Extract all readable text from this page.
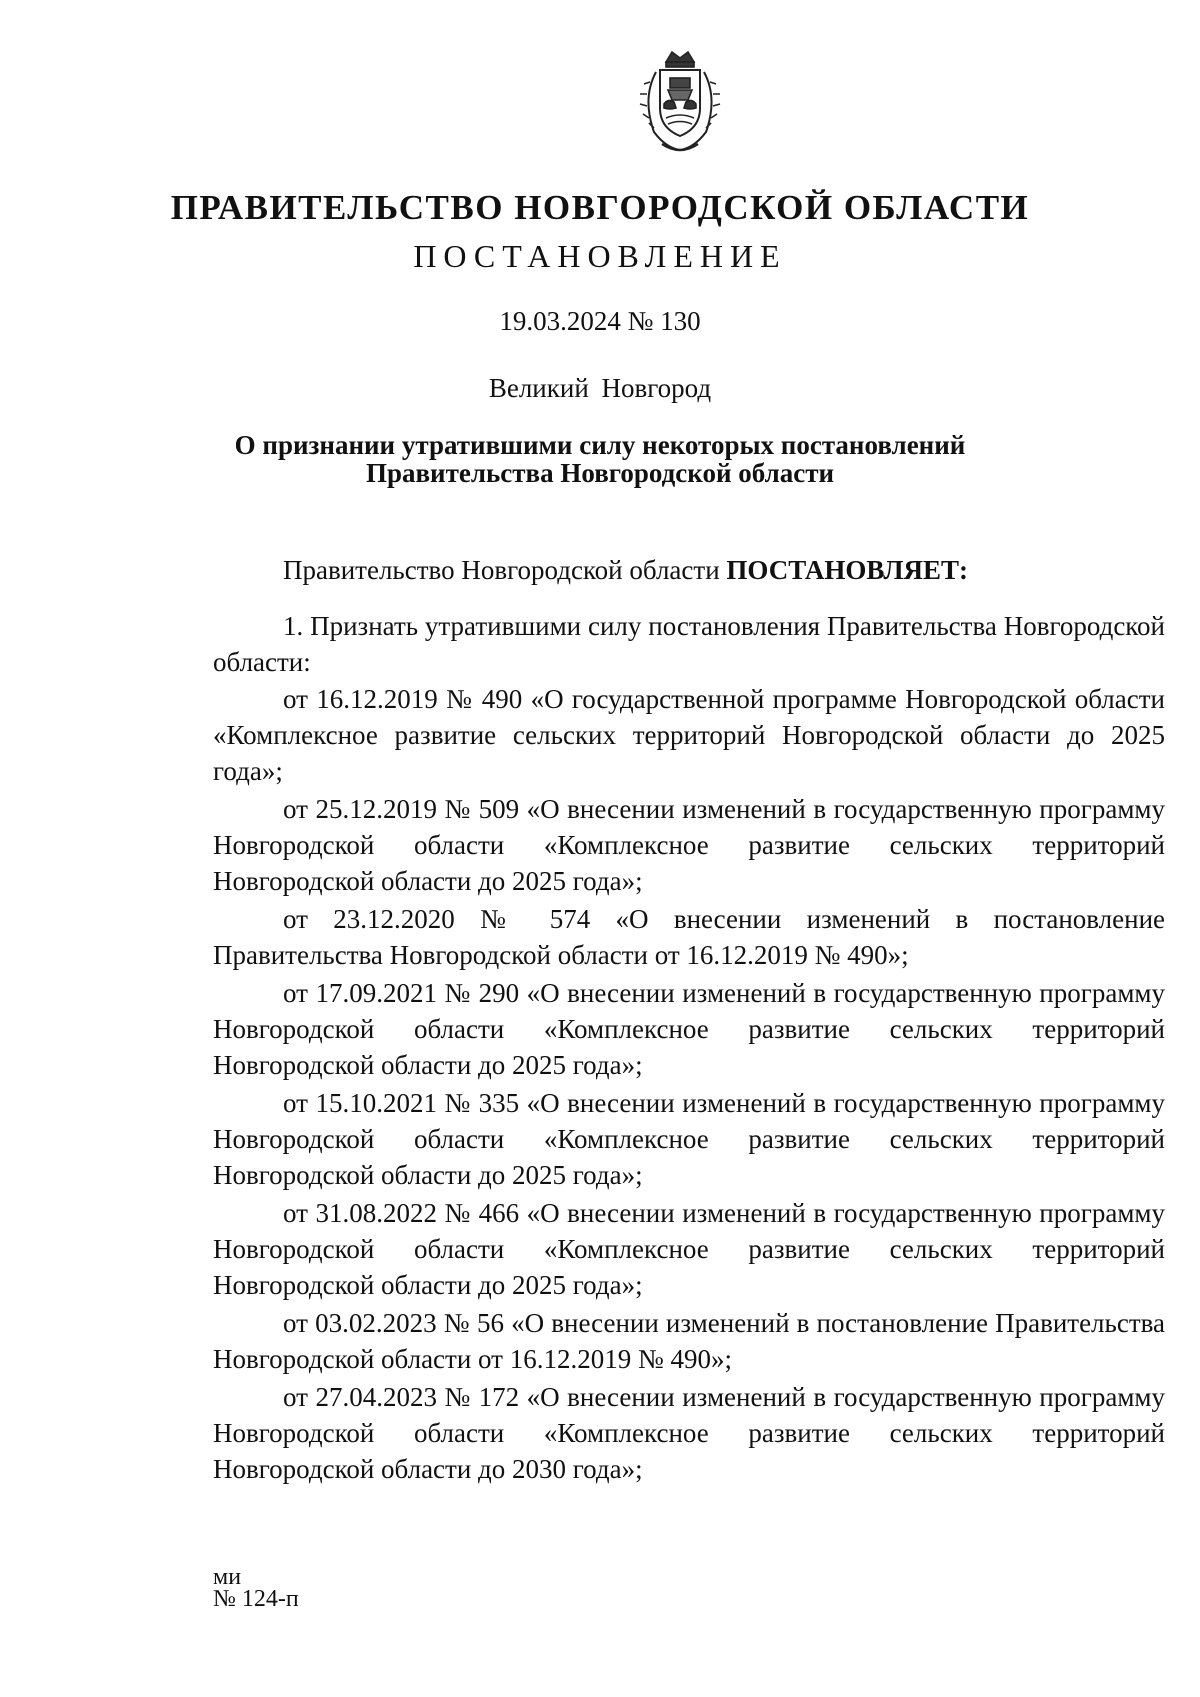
ПРАВИТЕЛЬСТВО НОВГОРОДСКОЙ ОБЛАСТИ
ПОСТАНОВЛЕНИЕ
19.03.2024 № 130
Великий Новгород
О признании утратившими силу некоторых постановлений
Правительства Новгородской области

Правительство Новгородской области ПОСТАНОВЛЯЕТ:

1. Признать утратившими силу постановления Правительства Новгородской области:

от 16.12.2019 № 490 «О государственной программе Новгородской области «Комплексное развитие сельских территорий Новгородской области до 2025 года»;

от 25.12.2019 № 509 «О внесении изменений в государственную программу Новгородской области «Комплексное развитие сельских территорий Новгородской области до 2025 года»;

от 23.12.2020 № 574 «О внесении изменений в постановление Правительства Новгородской области от 16.12.2019 № 490»;

от 17.09.2021 № 290 «О внесении изменений в государственную программу Новгородской области «Комплексное развитие сельских территорий Новгородской области до 2025 года»;

от 15.10.2021 № 335 «О внесении изменений в государственную программу Новгородской области «Комплексное развитие сельских территорий Новгородской области до 2025 года»;

от 31.08.2022 № 466 «О внесении изменений в государственную программу Новгородской области «Комплексное развитие сельских территорий Новгородской области до 2025 года»;

от 03.02.2023 № 56 «О внесении изменений в постановление Правительства Новгородской области от 16.12.2019 № 490»;

от 27.04.2023 № 172 «О внесении изменений в государственную программу Новгородской области «Комплексное развитие сельских территорий Новгородской области до 2030 года»;

ми
№ 124-п
